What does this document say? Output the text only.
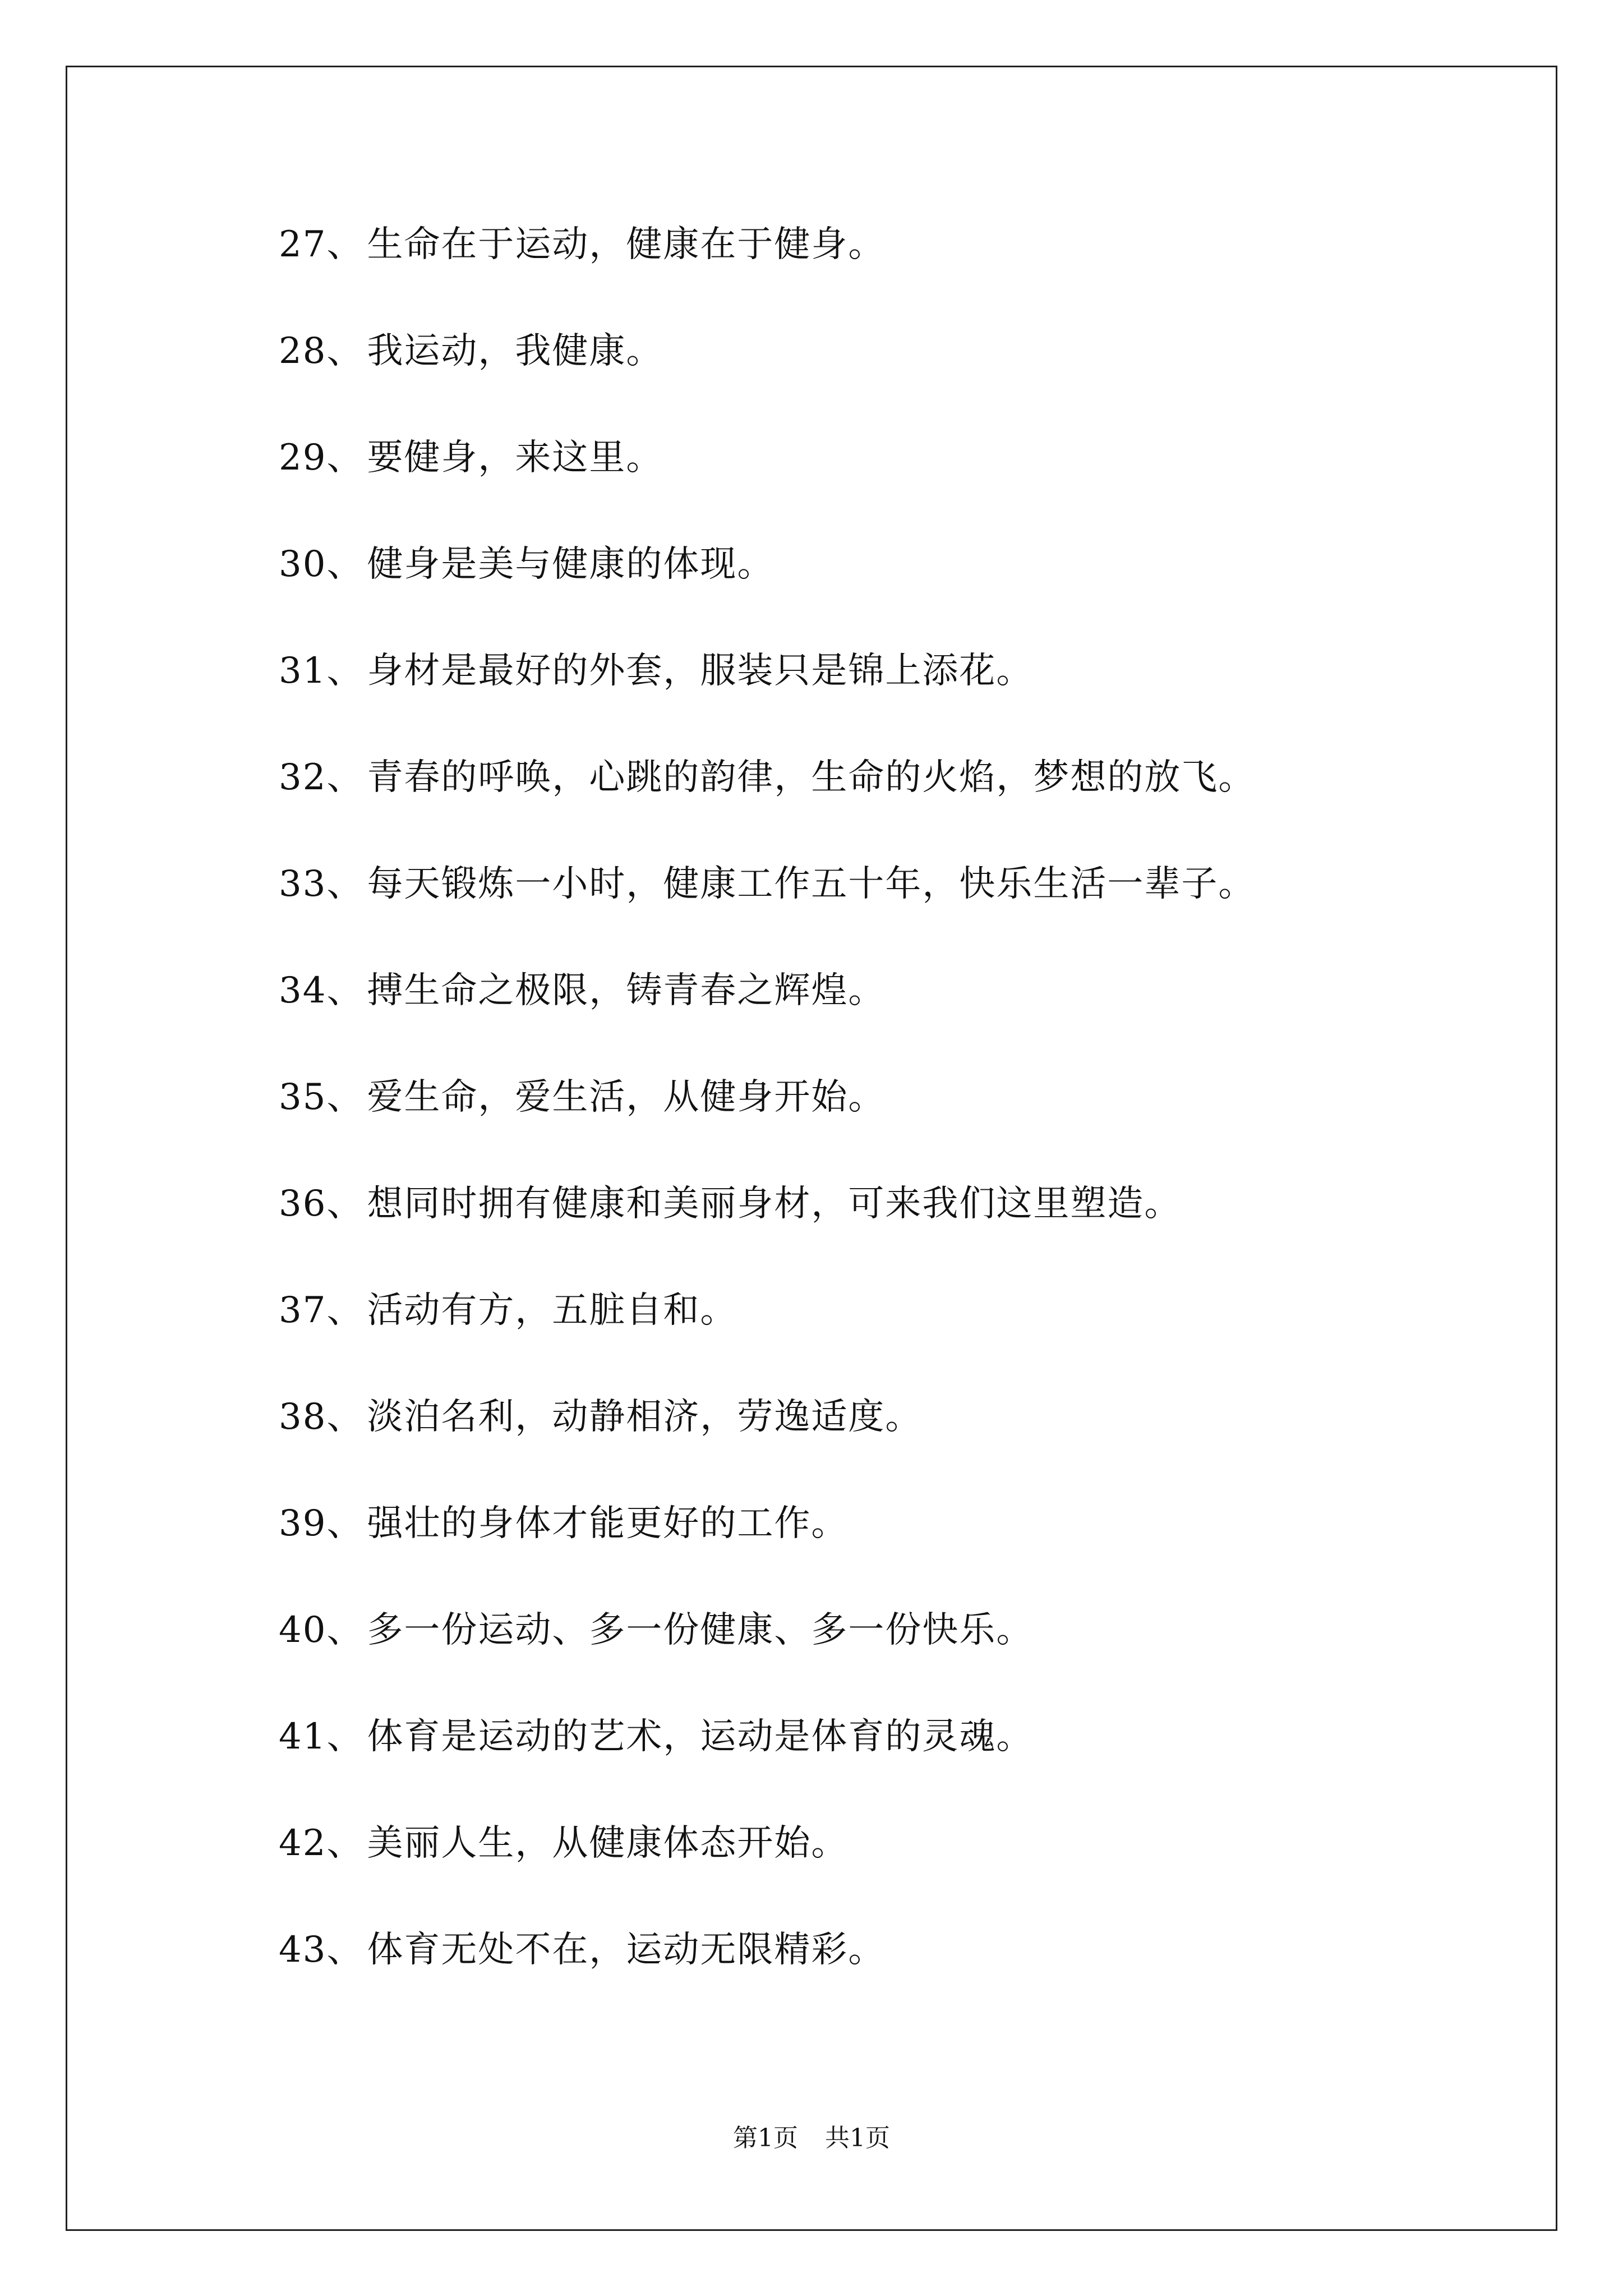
27 、 生命在于运动，健康在于健身。
28 、 我运动，我健康。
29 、 要健身，来这里。
30 、 健身是美与健康的体现。
31 、 身材是最好的外套，服装只是锦上添花。
32 、 青春的呼唤，心跳的韵律，生命的火焰，梦想的放飞。
33 、 每天锻炼一小时，健康工作五十年，快乐生活一辈子。
34 、 搏生命之极限，铸青春之辉煌。
35 、 爱生命，爱生活，从健身开始。
36 、 想同时拥有健康和美丽身材，可来我们这里塑造。
37 、 活动有方，五脏自和。
38 、 淡泊名利，动静相济，劳逸适度。
39 、 强壮的身体才能更好的工作。
40 、 多一份运动、多一份健康、多一份快乐。
41 、 体育是运动的艺术，运动是体育的灵魂。
42 、 美丽人生，从健康体态开始。
43 、 体育无处不在，运动无限精彩。
第1页 共1页
